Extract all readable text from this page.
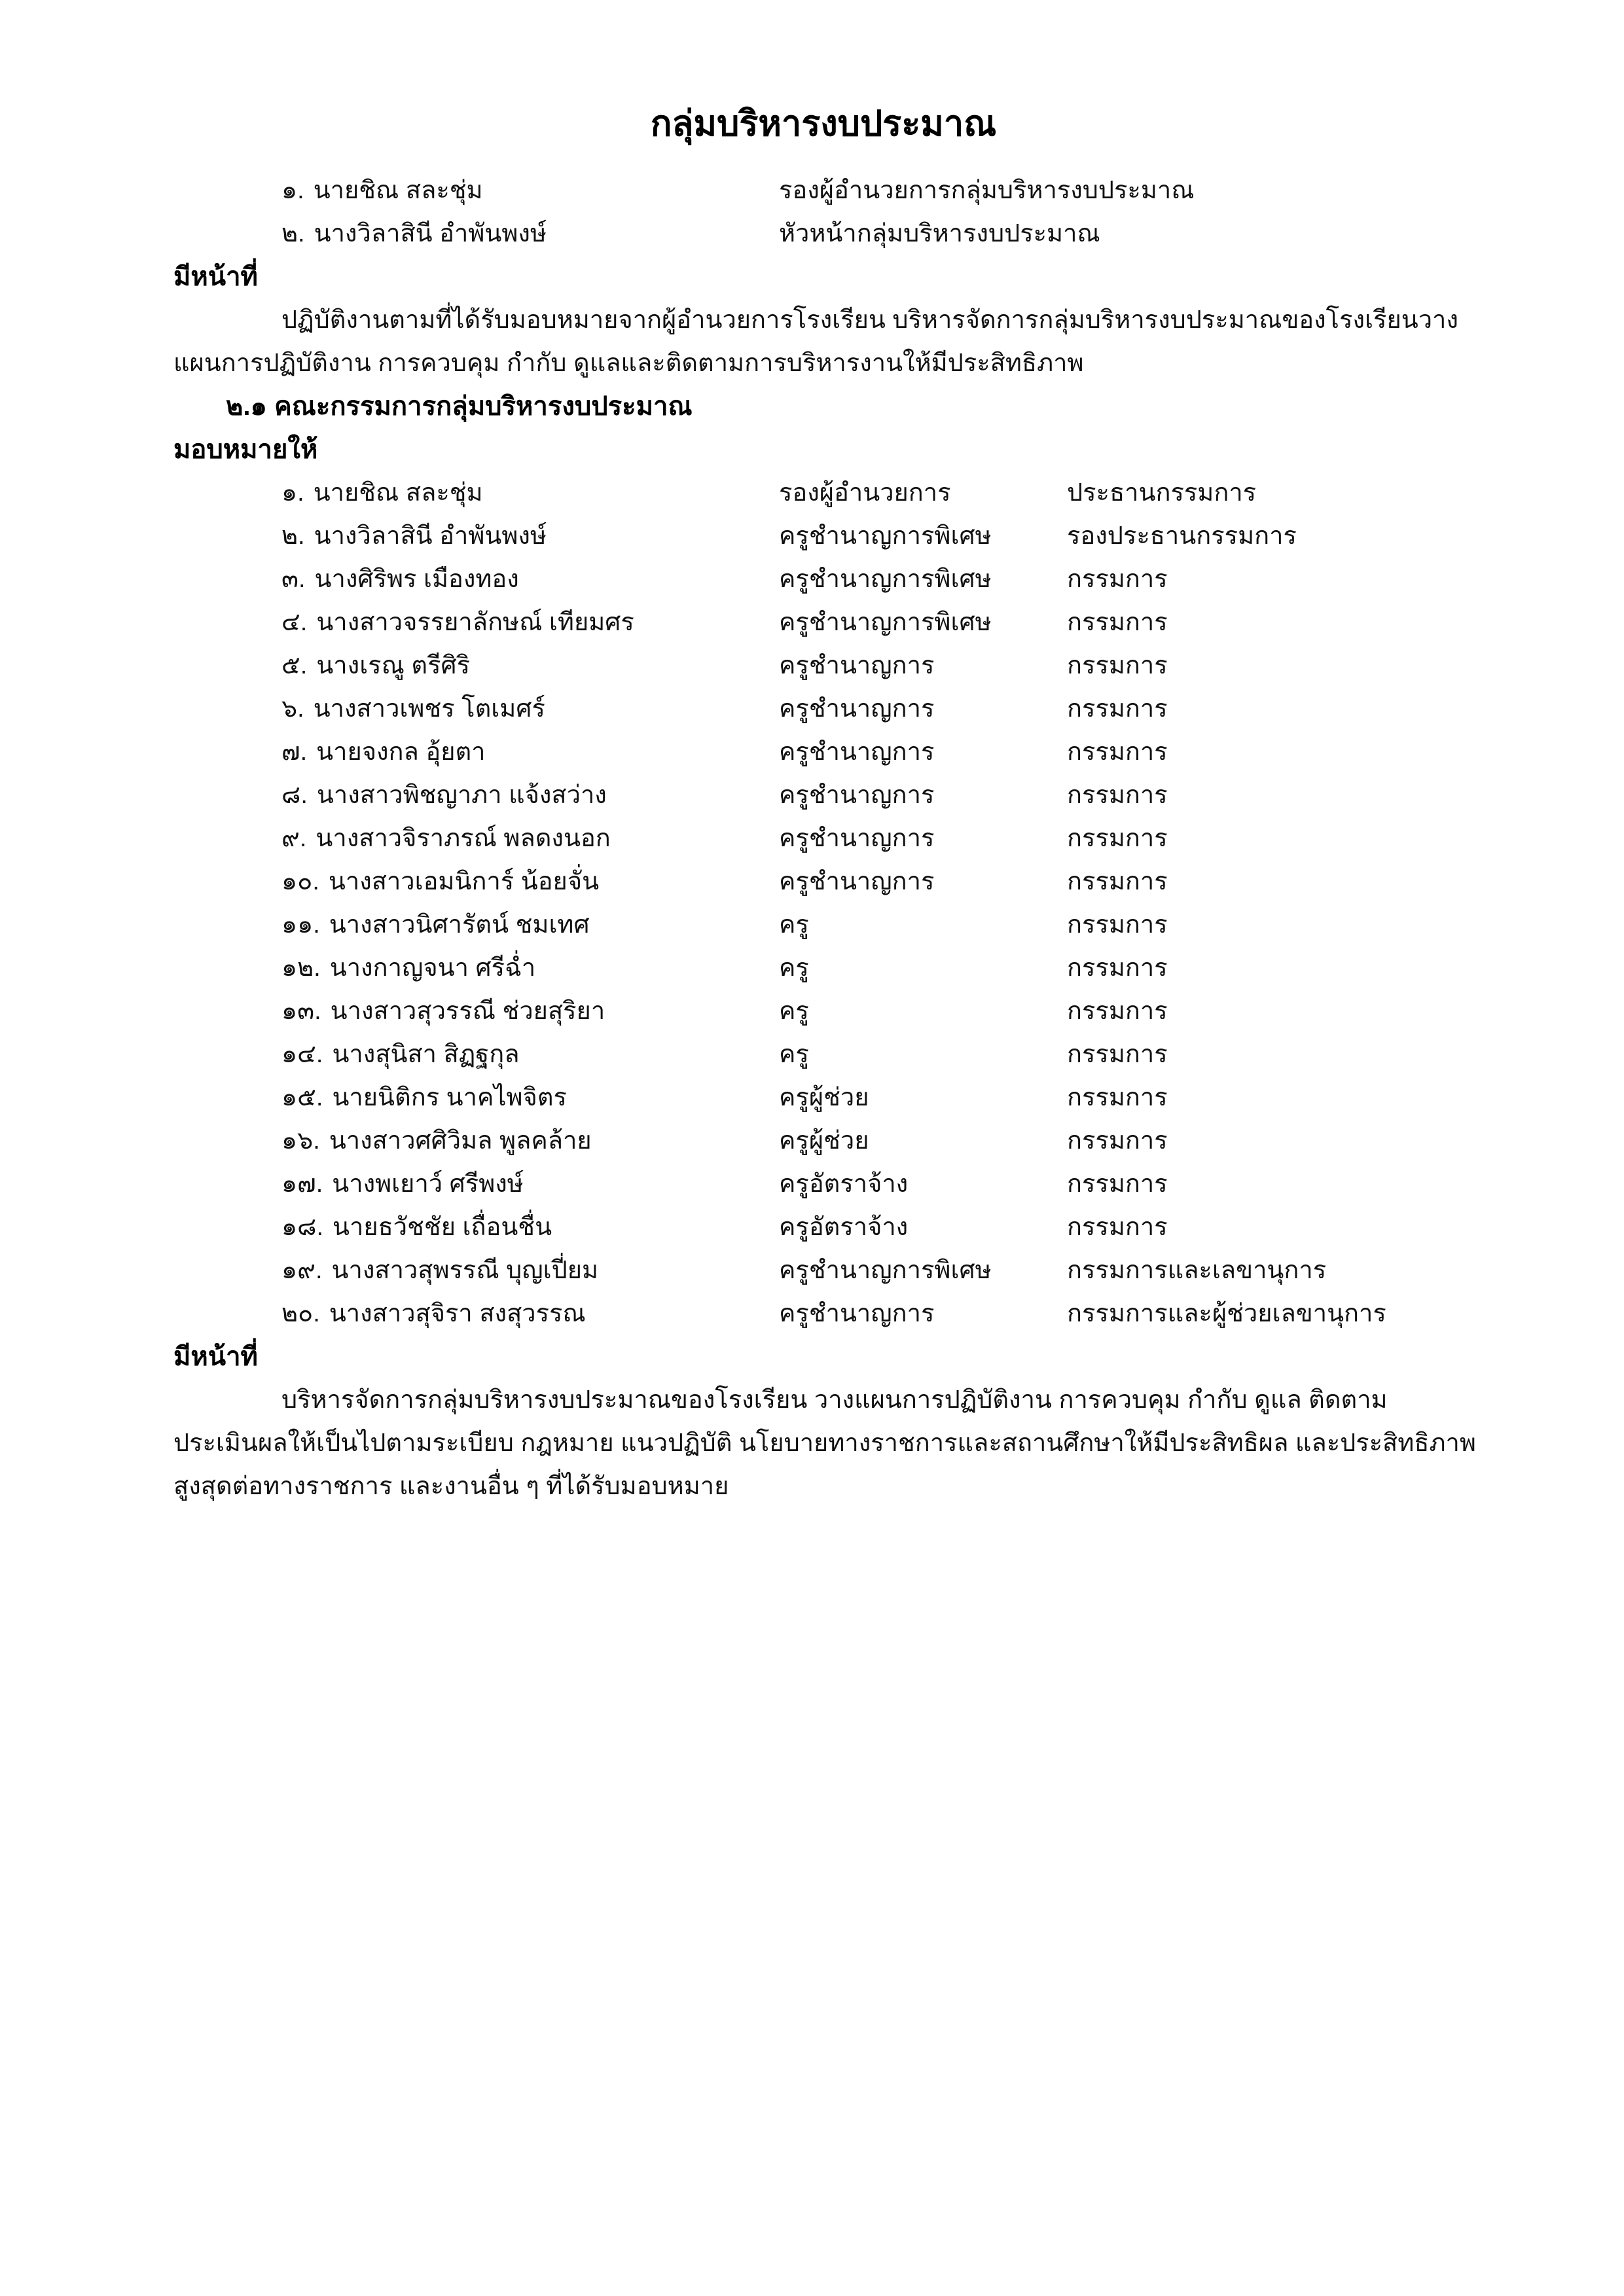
กลุ่มบริหารงบประมาณ
๑. นายชิณ สละชุ่ม	รองผู้อำนวยการกลุ่มบริหารงบประมาณ
๒. นางวิลาสินี อำพันพงษ์	หัวหน้ากลุ่มบริหารงบประมาณ
มีหน้าที่
ปฏิบัติงานตามที่ได้รับมอบหมายจากผู้อำนวยการโรงเรียน บริหารจัดการกลุ่มบริหารงบประมาณของโรงเรียนวาง
แผนการปฏิบัติงาน การควบคุม กำกับ ดูแลและติดตามการบริหารงานให้มีประสิทธิภาพ
๒.๑ คณะกรรมการกลุ่มบริหารงบประมาณ
มอบหมายให้
๑. นายชิณ สละชุ่ม	รองผู้อำนวยการ	ประธานกรรมการ
๒. นางวิลาสินี อำพันพงษ์	ครูชำนาญการพิเศษ	รองประธานกรรมการ
๓. นางศิริพร เมืองทอง	ครูชำนาญการพิเศษ	กรรมการ
๔. นางสาวจรรยาลักษณ์ เทียมศร	ครูชำนาญการพิเศษ	กรรมการ
๕. นางเรณู ตรีศิริ	ครูชำนาญการ	กรรมการ
๖. นางสาวเพชร โตเมศร์	ครูชำนาญการ	กรรมการ
๗. นายจงกล อุ้ยตา	ครูชำนาญการ	กรรมการ
๘. นางสาวพิชญาภา แจ้งสว่าง	ครูชำนาญการ	กรรมการ
๙. นางสาวจิราภรณ์ พลดงนอก	ครูชำนาญการ	กรรมการ
๑๐. นางสาวเอมนิการ์ น้อยจั่น	ครูชำนาญการ	กรรมการ
๑๑. นางสาวนิศารัตน์ ชมเทศ	ครู	กรรมการ
๑๒. นางกาญจนา ศรีฉ่ำ	ครู	กรรมการ
๑๓. นางสาวสุวรรณี ช่วยสุริยา	ครู	กรรมการ
๑๔. นางสุนิสา สิฏฐกุล	ครู	กรรมการ
๑๕. นายนิติกร นาคไพจิตร	ครูผู้ช่วย	กรรมการ
๑๖. นางสาวศศิวิมล พูลคล้าย	ครูผู้ช่วย	กรรมการ
๑๗. นางพเยาว์ ศรีพงษ์	ครูอัตราจ้าง	กรรมการ
๑๘. นายธวัชชัย เถื่อนชื่น	ครูอัตราจ้าง	กรรมการ
๑๙. นางสาวสุพรรณี บุญเปี่ยม	ครูชำนาญการพิเศษ	กรรมการและเลขานุการ
๒๐. นางสาวสุจิรา สงสุวรรณ	ครูชำนาญการ	กรรมการและผู้ช่วยเลขานุการ
มีหน้าที่
บริหารจัดการกลุ่มบริหารงบประมาณของโรงเรียน วางแผนการปฏิบัติงาน การควบคุม กำกับ ดูแล ติดตาม
ประเมินผลให้เป็นไปตามระเบียบ กฎหมาย แนวปฏิบัติ นโยบายทางราชการและสถานศึกษาให้มีประสิทธิผล และประสิทธิภาพ
สูงสุดต่อทางราชการ และงานอื่น ๆ ที่ได้รับมอบหมาย
